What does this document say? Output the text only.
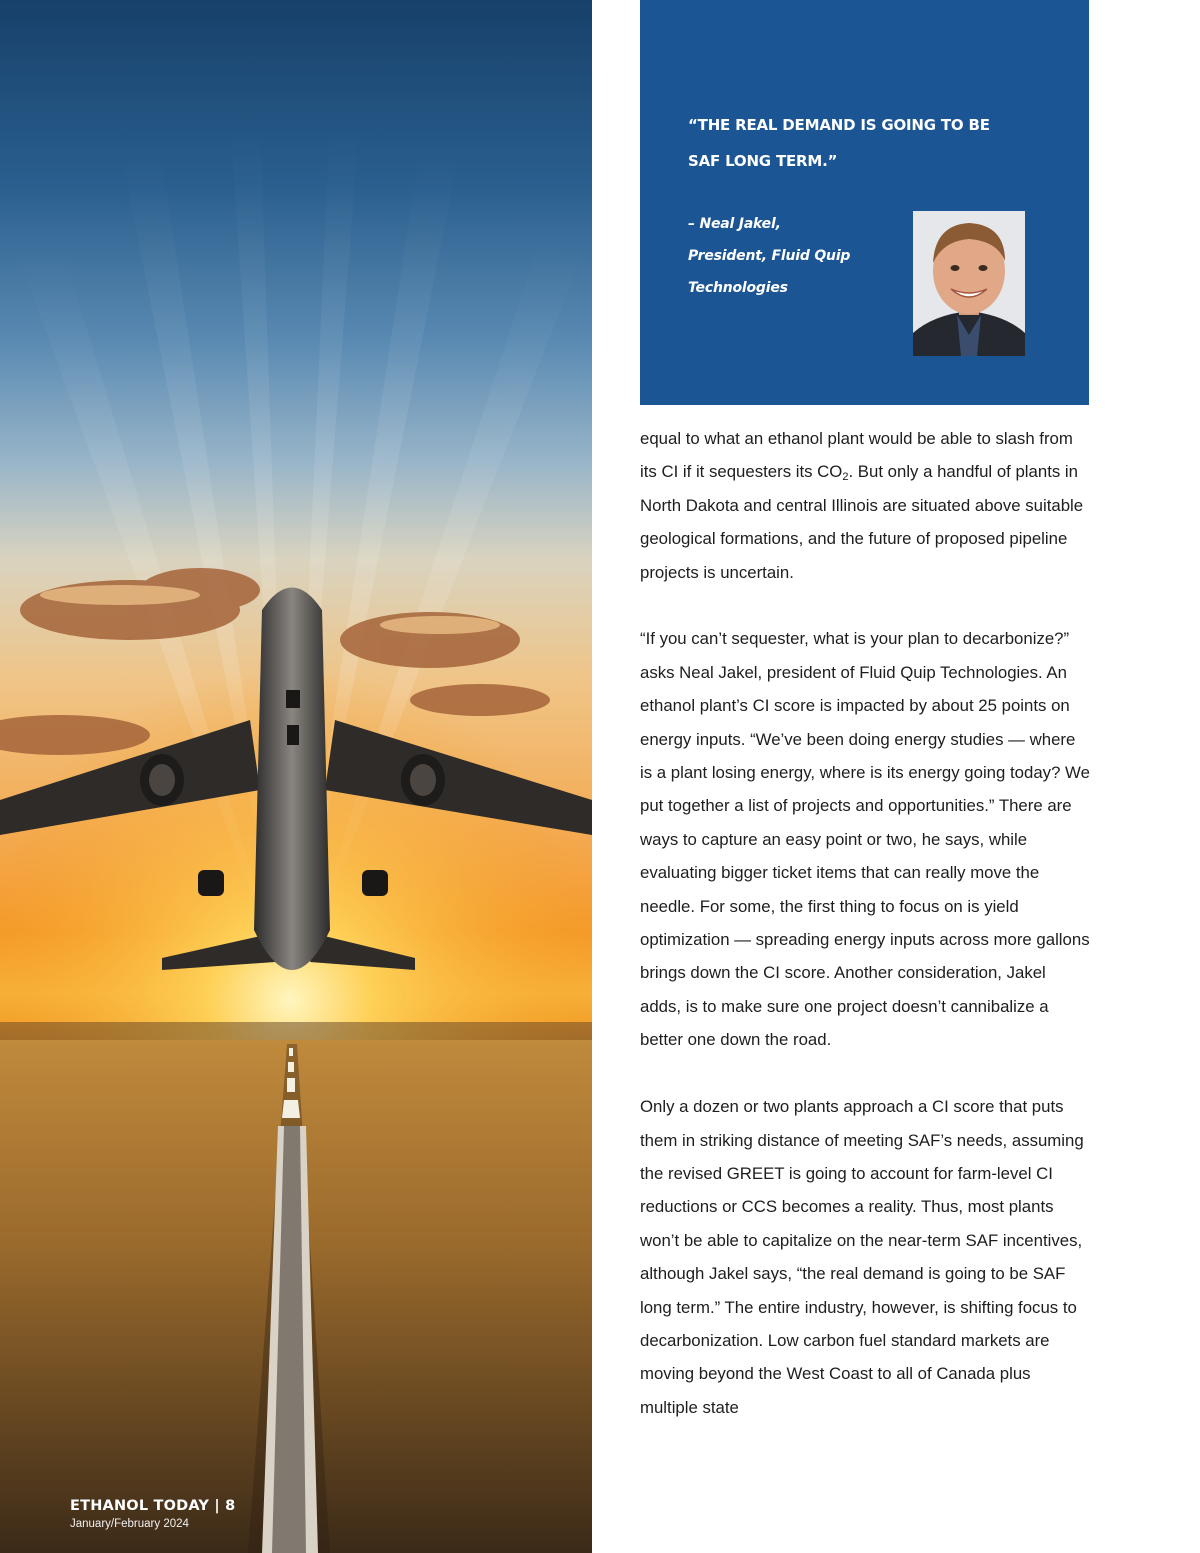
ETHANOL TODAY | 8
January/February 2024
“THE REAL DEMAND IS GOING TO BE
SAF LONG TERM.”
– Neal Jakel,
President, Fluid Quip
Technologies

equal to what an ethanol plant would be able to slash from its CI if it sequesters its $CO_2$. But only a handful of plants in North Dakota and central Illinois are situated above suitable geological formations, and the future of proposed pipeline projects is uncertain.

“If you can’t sequester, what is your plan to decarbonize?” asks Neal Jakel, president of Fluid Quip Technologies. An ethanol plant’s CI score is impacted by about 25 points on energy inputs. “We’ve been doing energy studies — where is a plant losing energy, where is its energy going today? We put together a list of projects and opportunities.” There are ways to capture an easy point or two, he says, while evaluating bigger ticket items that can really move the needle. For some, the first thing to focus on is yield optimization — spreading energy inputs across more gallons brings down the CI score. Another consideration, Jakel adds, is to make sure one project doesn’t cannibalize a better one down the road.

Only a dozen or two plants approach a CI score that puts them in striking distance of meeting SAF’s needs, assuming the revised GREET is going to account for farm-level CI reductions or CCS becomes a reality. Thus, most plants won’t be able to capitalize on the near-term SAF incentives, although Jakel says, “the real demand is going to be SAF long term.” The entire industry, however, is shifting focus to decarbonization. Low carbon fuel standard markets are moving beyond the West Coast to all of Canada plus multiple state
